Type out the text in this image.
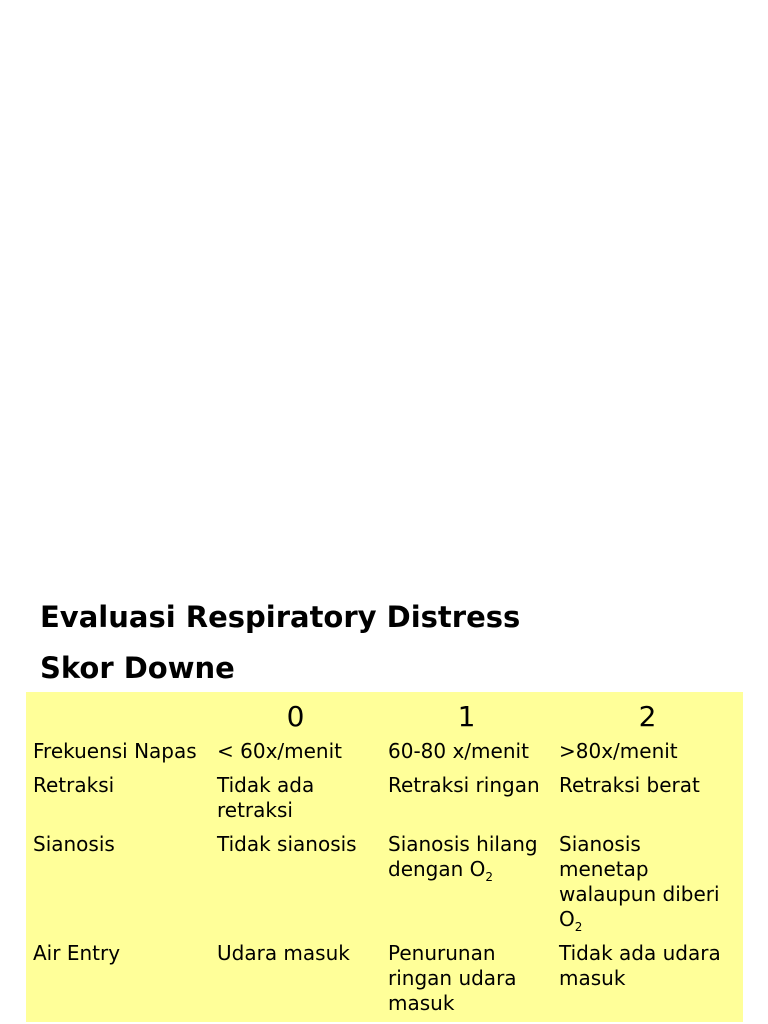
Evaluasi Respiratory Distress
Skor Downe
	0	1	2
Frekuensi Napas	< 60x/menit	60-80 x/menit	>80x/menit
Retraksi	Tidak ada retraksi	Retraksi ringan	Retraksi berat
Sianosis	Tidak sianosis	Sianosis hilang dengan $O_2$	Sianosis menetap walaupun diberi $O_2$
Air Entry	Udara masuk	Penurunan ringan udara masuk	Tidak ada udara masuk
